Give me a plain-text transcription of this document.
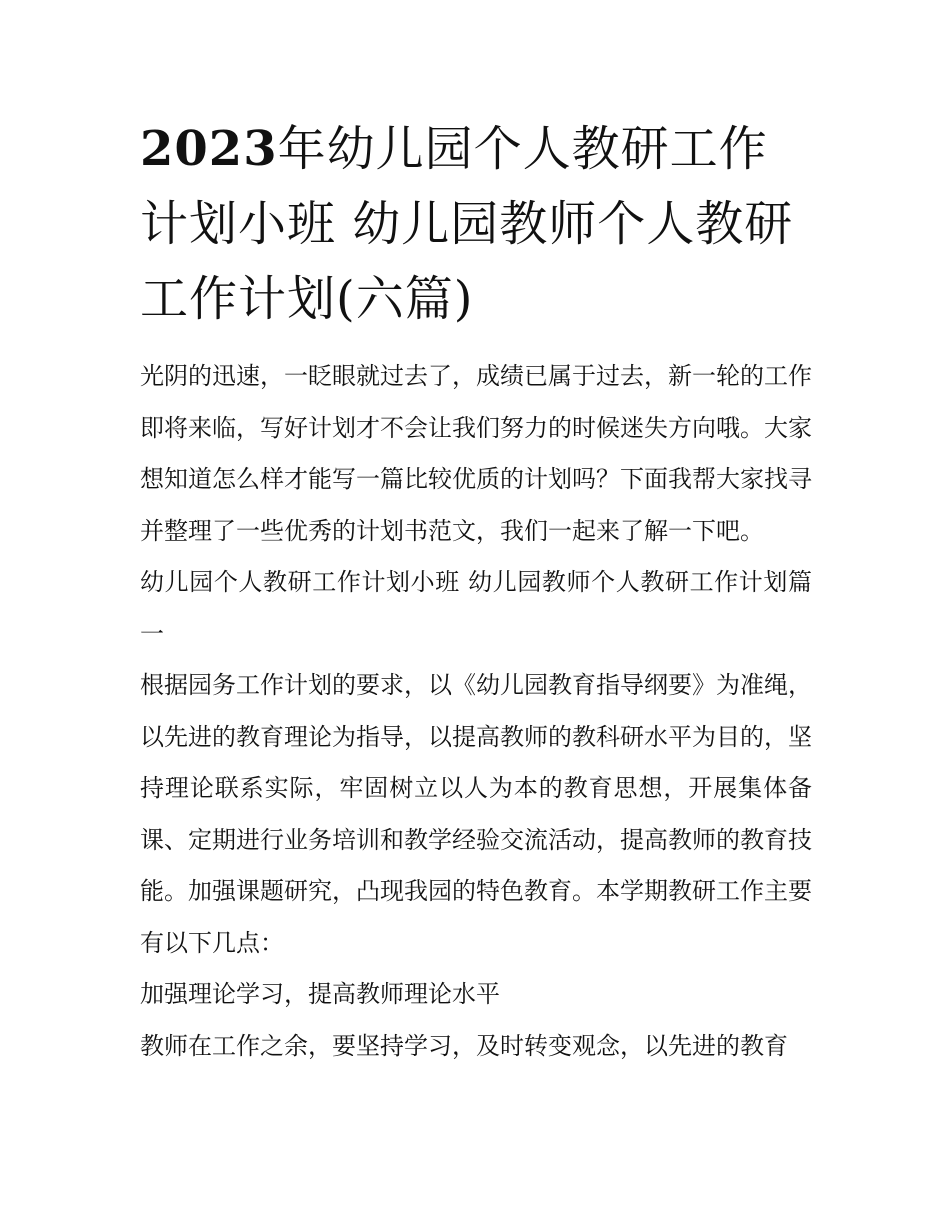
2023年幼儿园个人教研工作计划小班 幼儿园教师个人教研工作计划(六篇)

光阴的迅速，一眨眼就过去了，成绩已属于过去，新一轮的工作即将来临，写好计划才不会让我们努力的时候迷失方向哦。大家想知道怎么样才能写一篇比较优质的计划吗？下面我帮大家找寻并整理了一些优秀的计划书范文，我们一起来了解一下吧。

幼儿园个人教研工作计划小班 幼儿园教师个人教研工作计划篇一

根据园务工作计划的要求，以《幼儿园教育指导纲要》为准绳，以先进的教育理论为指导，以提高教师的教科研水平为目的，坚持理论联系实际，牢固树立以人为本的教育思想，开展集体备课、定期进行业务培训和教学经验交流活动，提高教师的教育技能。加强课题研究，凸现我园的特色教育。本学期教研工作主要有以下几点：

加强理论学习，提高教师理论水平

教师在工作之余，要坚持学习，及时转变观念，以先进的教育
